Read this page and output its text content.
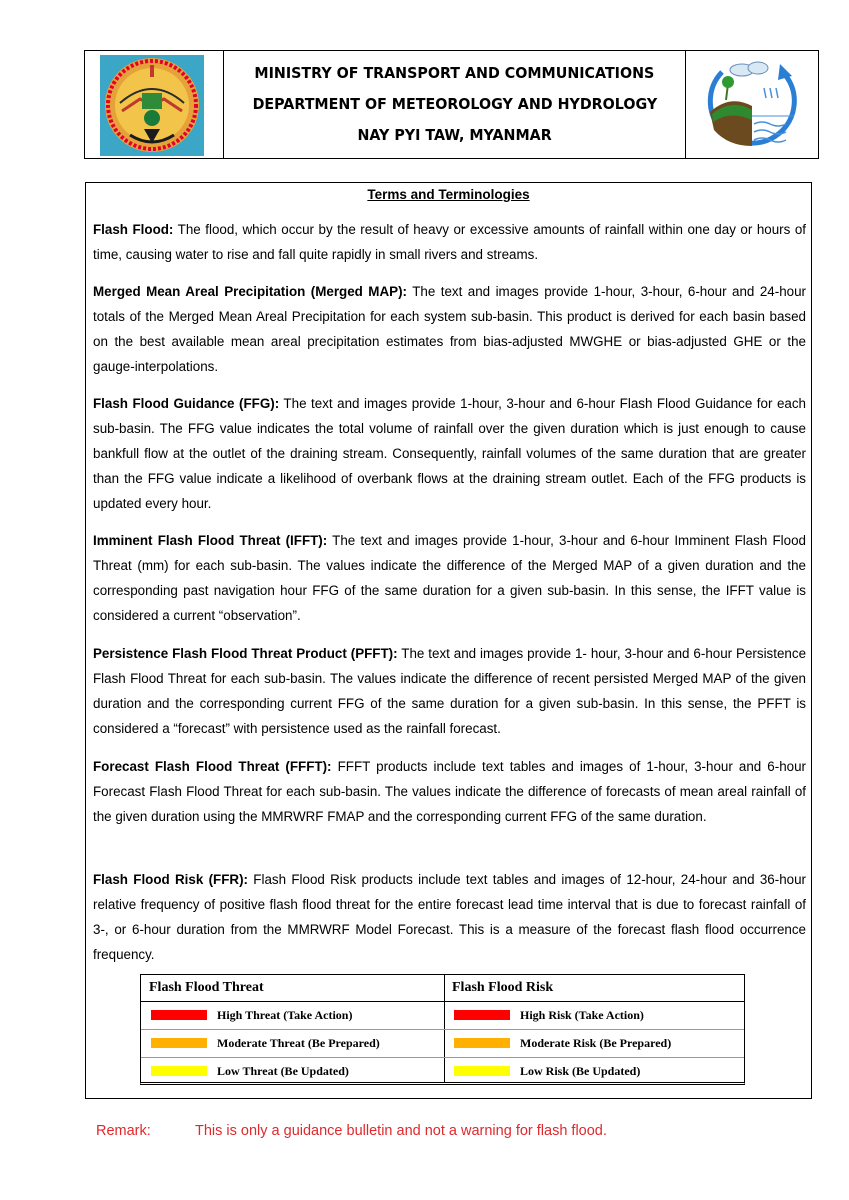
MINISTRY OF TRANSPORT AND COMMUNICATIONS
DEPARTMENT OF METEOROLOGY AND HYDROLOGY
NAY PYI TAW, MYANMAR
Terms and Terminologies

Flash Flood: The flood, which occur by the result of heavy or excessive amounts of rainfall within one day or hours of time, causing water to rise and fall quite rapidly in small rivers and streams.

Merged Mean Areal Precipitation (Merged MAP): The text and images provide 1-hour, 3-hour, 6-hour and 24-hour totals of the Merged Mean Areal Precipitation for each system sub-basin. This product is derived for each basin based on the best available mean areal precipitation estimates from bias-adjusted MWGHE or bias-adjusted GHE or the gauge-interpolations.

Flash Flood Guidance (FFG): The text and images provide 1-hour, 3-hour and 6-hour Flash Flood Guidance for each sub-basin. The FFG value indicates the total volume of rainfall over the given duration which is just enough to cause bankfull flow at the outlet of the draining stream. Consequently, rainfall volumes of the same duration that are greater than the FFG value indicate a likelihood of overbank flows at the draining stream outlet. Each of the FFG products is updated every hour.

Imminent Flash Flood Threat (IFFT): The text and images provide 1-hour, 3-hour and 6-hour Imminent Flash Flood Threat (mm) for each sub-basin. The values indicate the difference of the Merged MAP of a given duration and the corresponding past navigation hour FFG of the same duration for a given sub-basin. In this sense, the IFFT value is considered a current “observation”.

Persistence Flash Flood Threat Product (PFFT): The text and images provide 1- hour, 3-hour and 6-hour Persistence Flash Flood Threat for each sub-basin. The values indicate the difference of recent persisted Merged MAP of the given duration and the corresponding current FFG of the same duration for a given sub-basin. In this sense, the PFFT is considered a “forecast” with persistence used as the rainfall forecast.

Forecast Flash Flood Threat (FFFT): FFFT products include text tables and images of 1-hour, 3-hour and 6-hour Forecast Flash Flood Threat for each sub-basin. The values indicate the difference of forecasts of mean areal rainfall of the given duration using the MMRWRF FMAP and the corresponding current FFG of the same duration.

Flash Flood Risk (FFR): Flash Flood Risk products include text tables and images of 12-hour, 24-hour and 36-hour relative frequency of positive flash flood threat for the entire forecast lead time interval that is due to forecast rainfall of 3-, or 6-hour duration from the MMRWRF Model Forecast. This is a measure of the forecast flash flood occurrence frequency.

Flash Flood Threat
High Threat (Take Action)
Moderate Threat (Be Prepared)
Low Threat (Be Updated)
Flash Flood Risk
High Risk (Take Action)
Moderate Risk (Be Prepared)
Low Risk (Be Updated)
Remark:	This is only a guidance bulletin and not a warning for flash flood.
